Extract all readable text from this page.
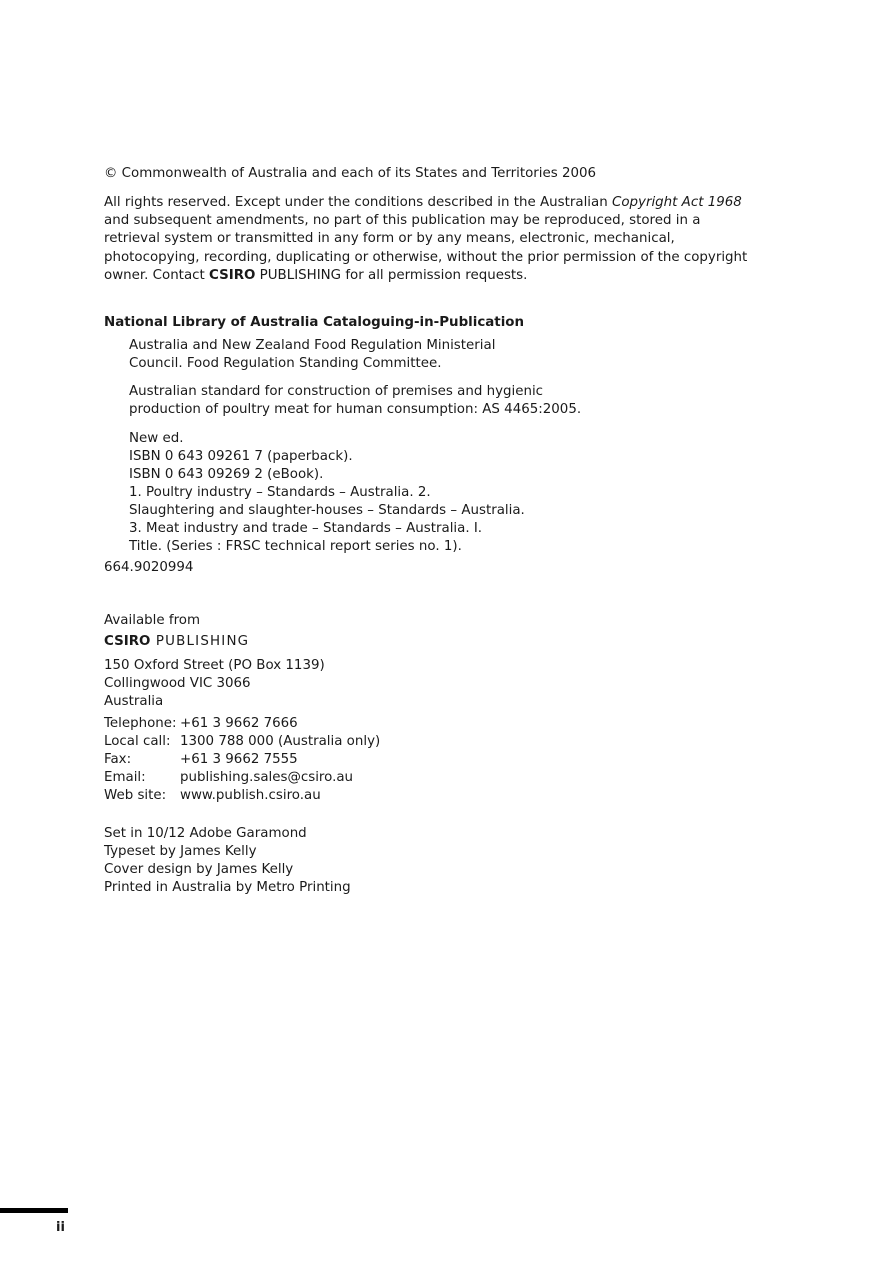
© Commonwealth of Australia and each of its States and Territories 2006

All rights reserved. Except under the conditions described in the Australian Copyright Act 1968 and subsequent amendments, no part of this publication may be reproduced, stored in a retrieval system or transmitted in any form or by any means, electronic, mechanical, photocopying, recording, duplicating or otherwise, without the prior permission of the copyright owner. Contact CSIRO PUBLISHING for all permission requests.

National Library of Australia Cataloguing-in-Publication

Australia and New Zealand Food Regulation Ministerial
Council. Food Regulation Standing Committee.
Australian standard for construction of premises and hygienic
production of poultry meat for human consumption: AS 4465:2005.
New ed.
ISBN 0 643 09261 7 (paperback).
ISBN 0 643 09269 2 (eBook).
1. Poultry industry – Standards – Australia. 2.
Slaughtering and slaughter-houses – Standards – Australia.
3. Meat industry and trade – Standards – Australia. I.
Title. (Series : FRSC technical report series no. 1).

664.9020994

Available from

CSIRO PUBLISHING

150 Oxford Street (PO Box 1139)
Collingwood VIC 3066
Australia
Telephone: +61 3 9662 7666
Local call: 1300 788 000 (Australia only)
Fax:	+61 3 9662 7555
Email:	publishing.sales@csiro.au
Web site: www.publish.csiro.au
Set in 10/12 Adobe Garamond
Typeset by James Kelly
Cover design by James Kelly
Printed in Australia by Metro Printing
ii
